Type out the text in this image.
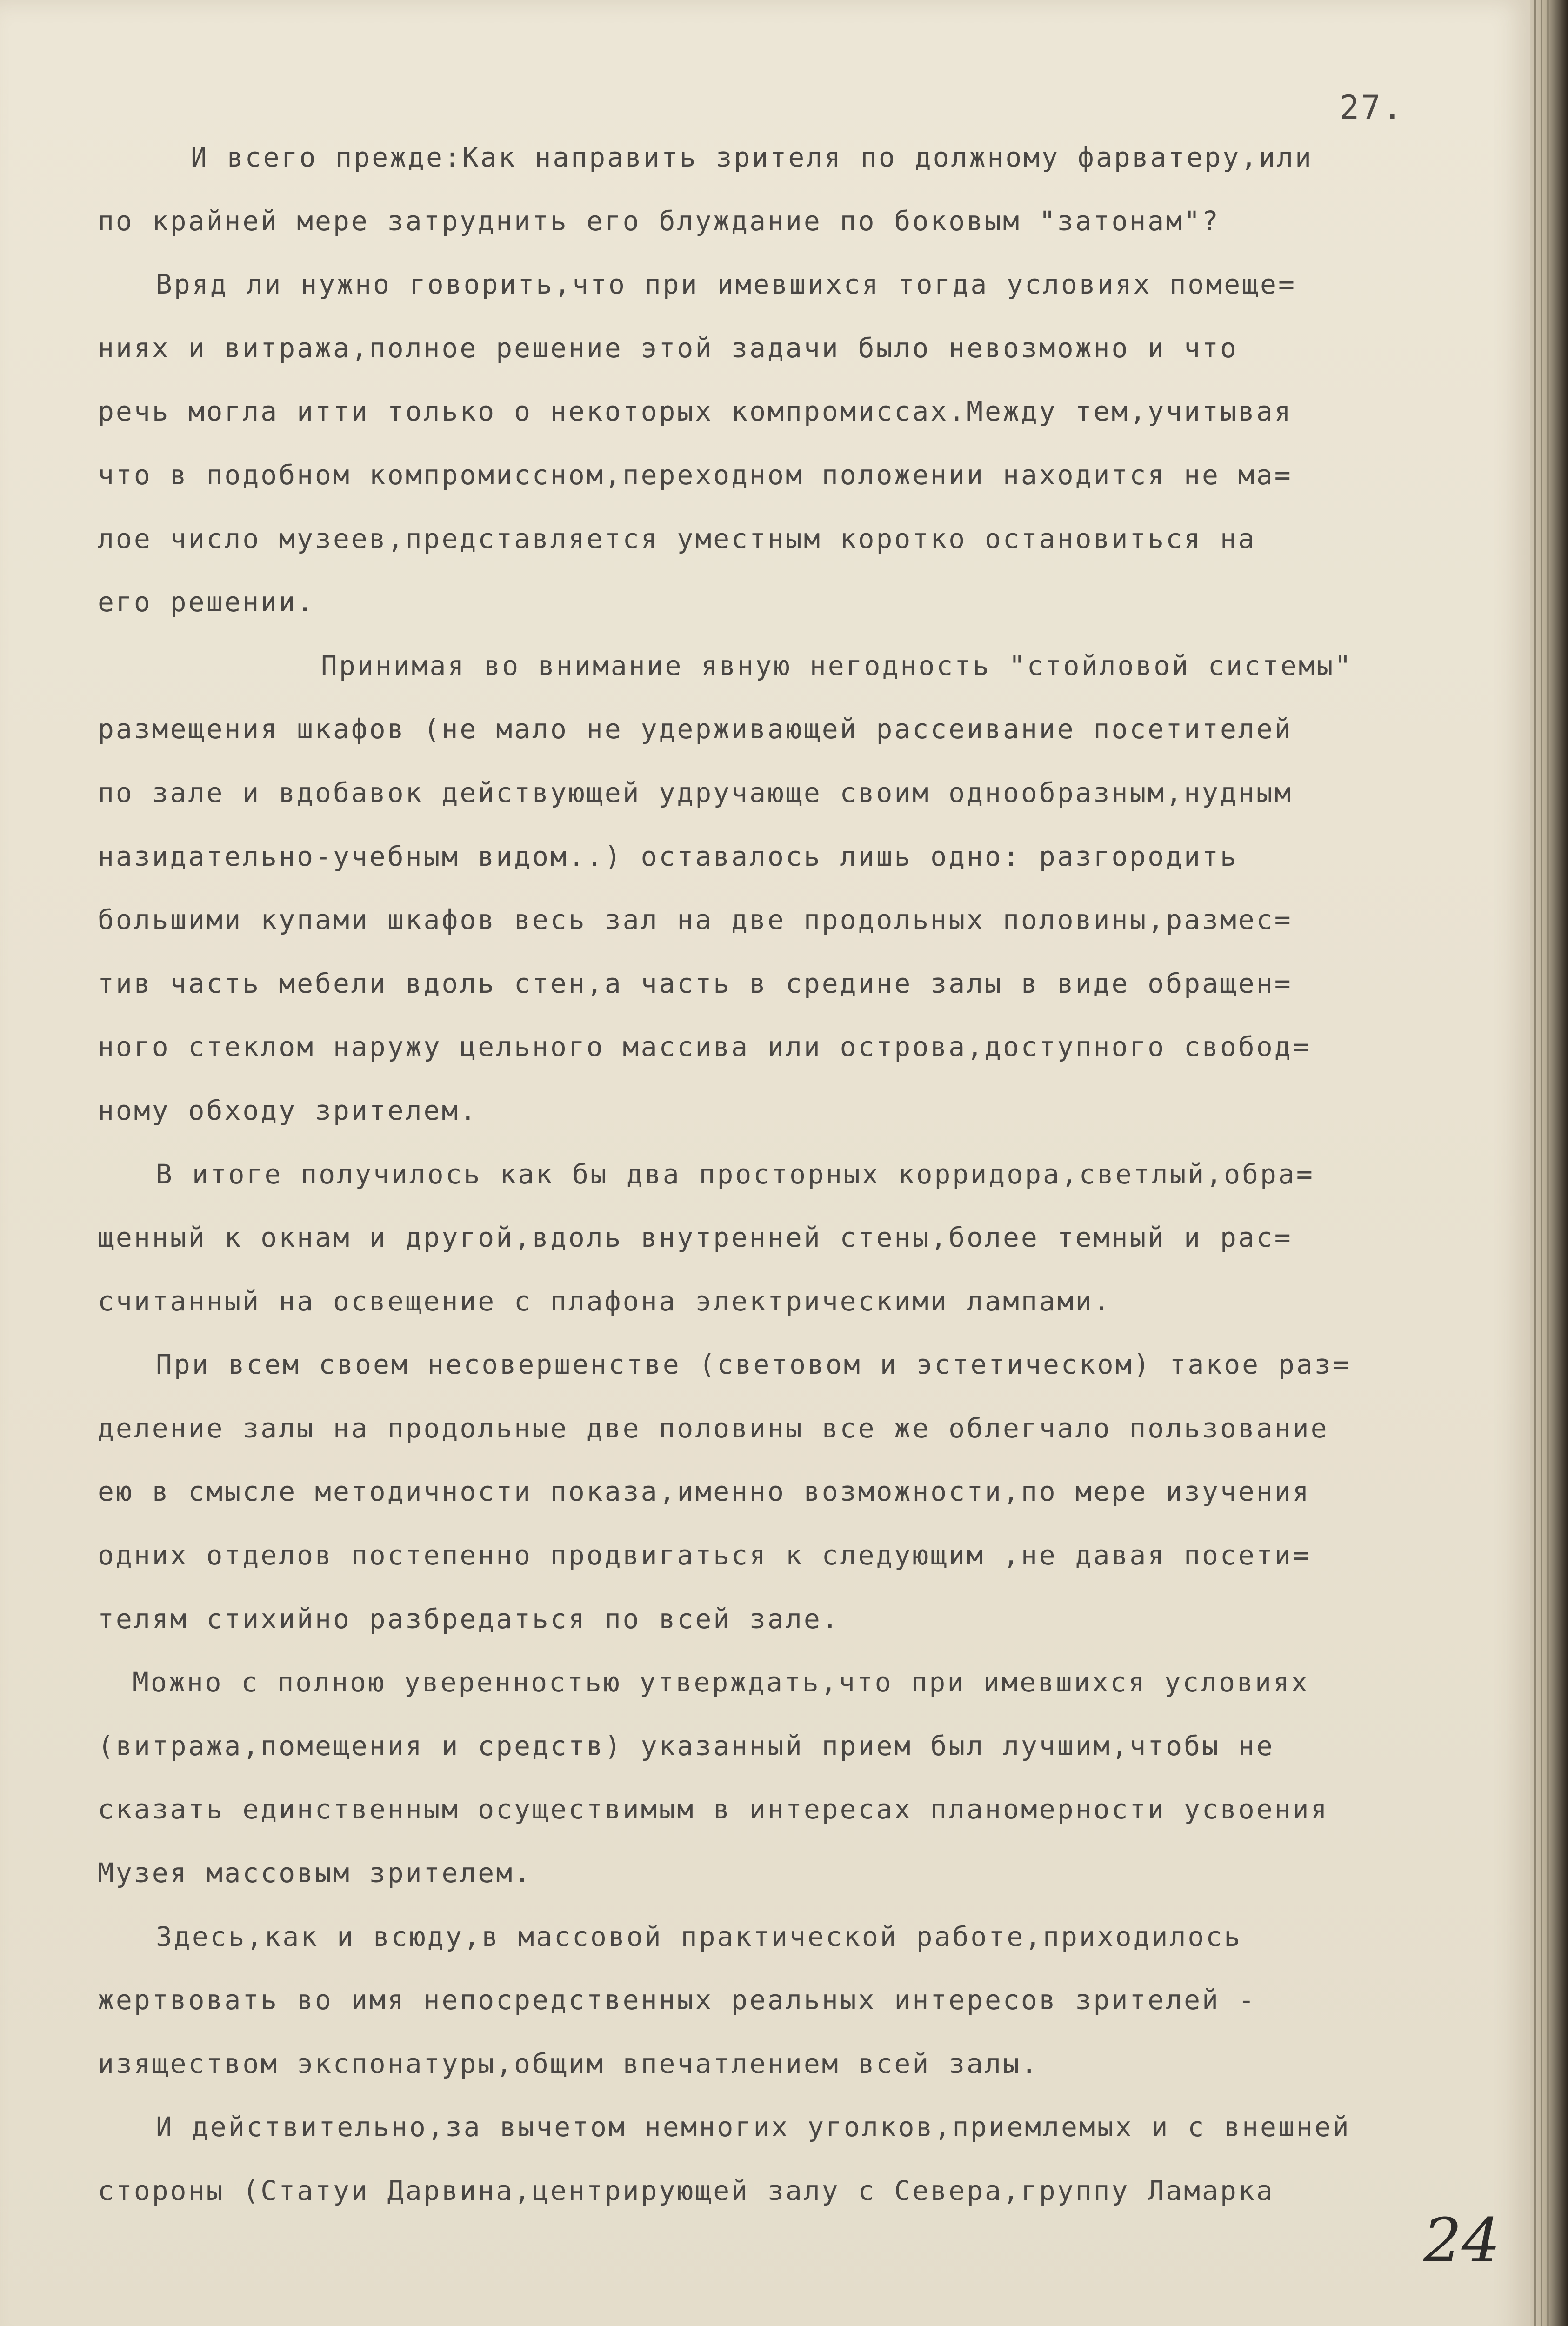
27.
И всего прежде:Как направить зрителя по должному фарватеру,или
по крайней мере затруднить его блуждание по боковым "затонам"?
Вряд ли нужно говорить,что при имевшихся тогда условиях помеще=
ниях и витража,полное решение этой задачи было невозможно и что
речь могла итти только о некоторых компромиссах.Между тем,учитывая
что в подобном компромиссном,переходном положении находится не ма=
лое число музеев,представляется уместным коротко остановиться на
его решении.
Принимая во внимание явную негодность "стойловой системы"
размещения шкафов (не мало не удерживающей рассеивание посетителей
по зале и вдобавок действующей удручающе своим однообразным,нудным
назидательно-учебным видом..) оставалось лишь одно: разгородить
большими купами шкафов весь зал на две продольных половины,размес=
тив часть мебели вдоль стен,а часть в средине залы в виде обращен=
ного стеклом наружу цельного массива или острова,доступного свобод=
ному обходу зрителем.
В итоге получилось как бы два просторных корридора,светлый,обра=
щенный к окнам и другой,вдоль внутренней стены,более темный и рас=
считанный на освещение с плафона электрическими лампами.
При всем своем несовершенстве (световом и эстетическом) такое раз=
деление залы на продольные две половины все же облегчало пользование
ею в смысле методичности показа,именно возможности,по мере изучения
одних отделов постепенно продвигаться к следующим ,не давая посети=
телям стихийно разбредаться по всей зале.
Можно с полною уверенностью утверждать,что при имевшихся условиях
(витража,помещения и средств) указанный прием был лучшим,чтобы не
сказать единственным осуществимым в интересах планомерности усвоения
Музея массовым зрителем.
Здесь,как и всюду,в массовой практической работе,приходилось
жертвовать во имя непосредственных реальных интересов зрителей -
изяществом экспонатуры,общим впечатлением всей залы.
И действительно,за вычетом немногих уголков,приемлемых и с внешней
стороны (Статуи Дарвина,центрирующей залу с Севера,группу Ламарка
24
